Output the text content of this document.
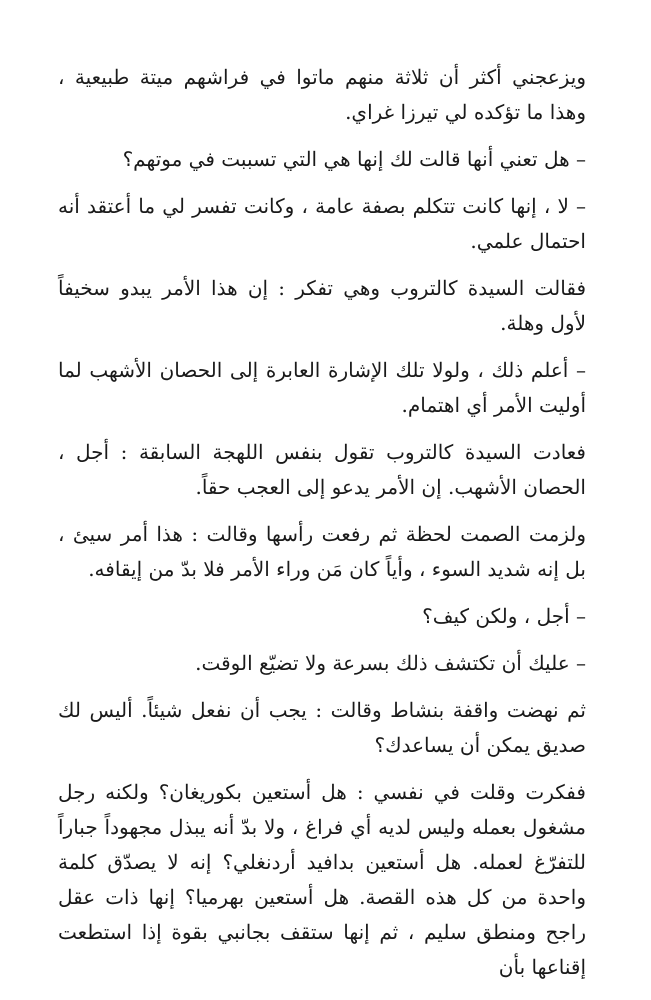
ويزعجني أكثر أن ثلاثة منهم ماتوا في فراشهم ميتة طبيعية ، وهذا ما تؤكده لي تيرزا غراي.

– هل تعني أنها قالت لك إنها هي التي تسببت في موتهم؟

– لا ، إنها كانت تتكلم بصفة عامة ، وكانت تفسر لي ما أعتقد أنه احتمال علمي.

فقالت السيدة كالتروب وهي تفكر : إن هذا الأمر يبدو سخيفاً لأول وهلة.

– أعلم ذلك ، ولولا تلك الإشارة العابرة إلى الحصان الأشهب لما أوليت الأمر أي اهتمام.

فعادت السيدة كالتروب تقول بنفس اللهجة السابقة : أجل ، الحصان الأشهب. إن الأمر يدعو إلى العجب حقاً.

ولزمت الصمت لحظة ثم رفعت رأسها وقالت : هذا أمر سيئ ، بل إنه شديد السوء ، وأياً كان مَن وراء الأمر فلا بدّ من إيقافه.

– أجل ، ولكن كيف؟

– عليك أن تكتشف ذلك بسرعة ولا تضيّع الوقت.

ثم نهضت واقفة بنشاط وقالت : يجب أن نفعل شيئاً. أليس لك صديق يمكن أن يساعدك؟

ففكرت وقلت في نفسي : هل أستعين بكوريغان؟ ولكنه رجل مشغول بعمله وليس لديه أي فراغ ، ولا بدّ أنه يبذل مجهوداً جباراً للتفرّغ لعمله. هل أستعين بدافيد أردنغلي؟ إنه لا يصدّق كلمة واحدة من كل هذه القصة. هل أستعين بهرميا؟ إنها ذات عقل راجح ومنطق سليم ، ثم إنها ستقف بجانبي بقوة إذا استطعت إقناعها بأن
